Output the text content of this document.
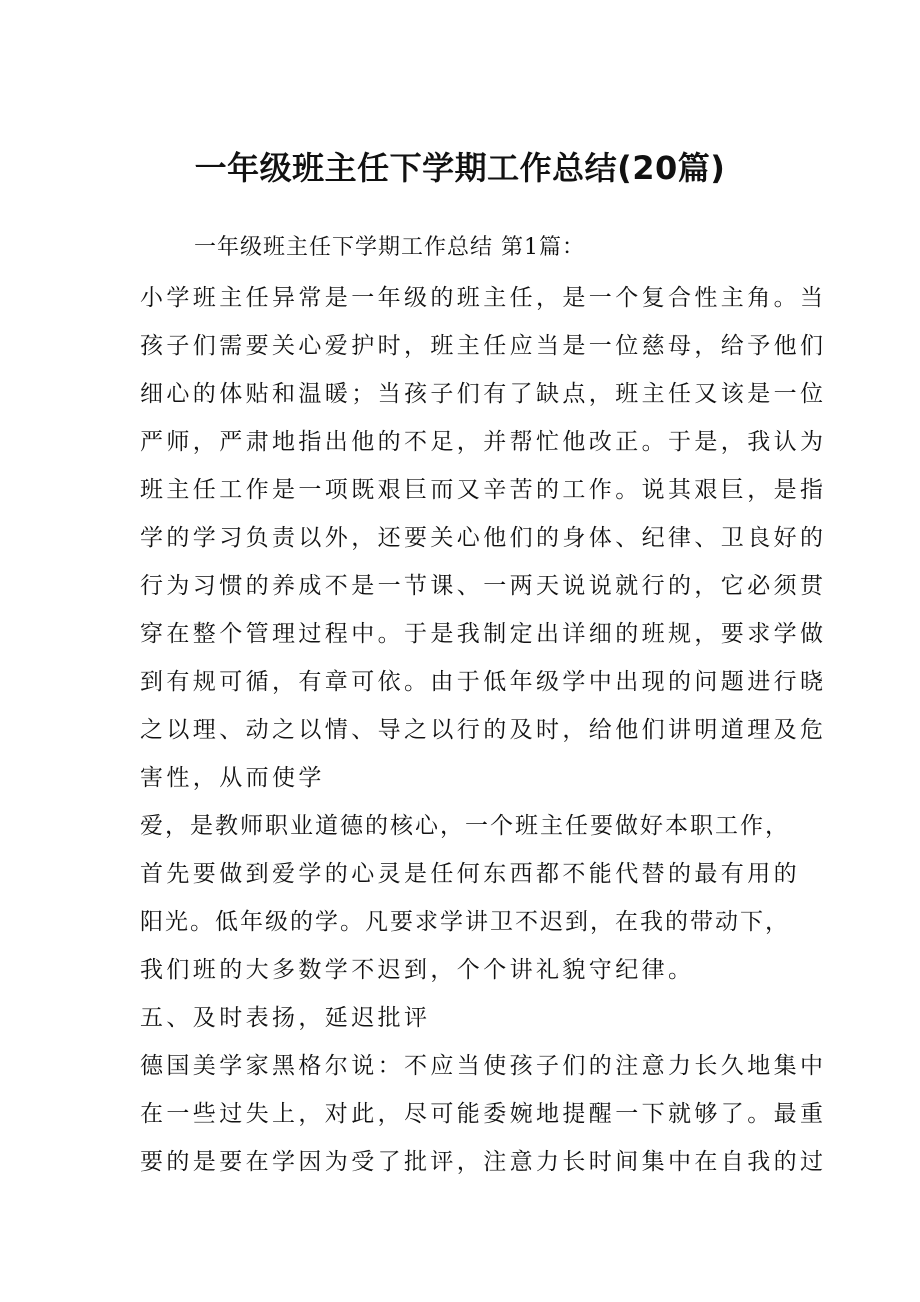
一年级班主任下学期工作总结(20篇)
一年级班主任下学期工作总结 第1篇：
小学班主任异常是一年级的班主任，是一个复合性主角。当
孩子们需要关心爱护时，班主任应当是一位慈母，给予他们
细心的体贴和温暖；当孩子们有了缺点，班主任又该是一位
严师，严肃地指出他的不足，并帮忙他改正。于是，我认为
班主任工作是一项既艰巨而又辛苦的工作。说其艰巨，是指
学的学习负责以外，还要关心他们的身体、纪律、卫良好的
行为习惯的养成不是一节课、一两天说说就行的，它必须贯
穿在整个管理过程中。于是我制定出详细的班规，要求学做
到有规可循，有章可依。由于低年级学中出现的问题进行晓
之以理、动之以情、导之以行的及时，给他们讲明道理及危
害性，从而使学
爱，是教师职业道德的核心，一个班主任要做好本职工作，
首先要做到爱学的心灵是任何东西都不能代替的最有用的
阳光。低年级的学。凡要求学讲卫不迟到，在我的带动下，
我们班的大多数学不迟到，个个讲礼貌守纪律。
五、及时表扬，延迟批评
德国美学家黑格尔说：不应当使孩子们的注意力长久地集中
在一些过失上，对此，尽可能委婉地提醒一下就够了。最重
要的是要在学因为受了批评，注意力长时间集中在自我的过
